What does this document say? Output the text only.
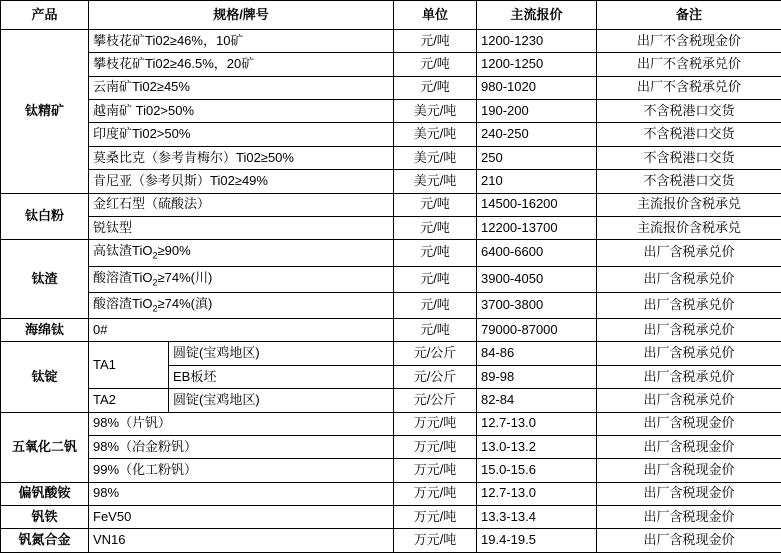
产品	规格/牌号		单位	主流报价	备注
钛精矿	攀枝花矿Ti02≥46%，10矿		元/吨	1200-1230	出厂不含税现金价
	攀枝花矿Ti02≥46.5%，20矿		元/吨	1200-1250	出厂不含税承兑价
	云南矿Ti02≥45%		元/吨	980-1020	出厂不含税承兑价
	越南矿 Ti02>50%		美元/吨	190-200	不含税港口交货
	印度矿Ti02>50%		美元/吨	240-250	不含税港口交货
	莫桑比克（参考肯梅尔）Ti02≥50%		美元/吨	250	不含税港口交货
	肯尼亚（参考贝斯）Ti02≥49%		美元/吨	210	不含税港口交货
钛白粉	金红石型（硫酸法）		元/吨	14500-16200	主流报价含税承兑
	锐钛型		元/吨	12200-13700	主流报价含税承兑
钛渣	高钛渣TiO$_2$≥90%		元/吨	6400-6600	出厂含税承兑价
	酸溶渣TiO$_2$≥74%(川)		元/吨	3900-4050	出厂含税承兑价
	酸溶渣TiO$_2$≥74%(滇)		元/吨	3700-3800	出厂含税承兑价
海绵钛	0#		元/吨	79000-87000	出厂含税承兑价
钛锭	TA1	圆锭(宝鸡地区)	元/公斤	84-86	出厂含税承兑价
		EB板坯	元/公斤	89-98	出厂含税承兑价
	TA2	圆锭(宝鸡地区)	元/公斤	82-84	出厂含税承兑价
五氧化二钒	98%（片钒）		万元/吨	12.7-13.0	出厂含税现金价
	98%（冶金粉钒）		万元/吨	13.0-13.2	出厂含税现金价
	99%（化工粉钒）		万元/吨	15.0-15.6	出厂含税现金价
偏钒酸铵	98%		万元/吨	12.7-13.0	出厂含税现金价
钒铁	FeV50		万元/吨	13.3-13.4	出厂含税现金价
钒氮合金	VN16		万元/吨	19.4-19.5	出厂含税现金价
